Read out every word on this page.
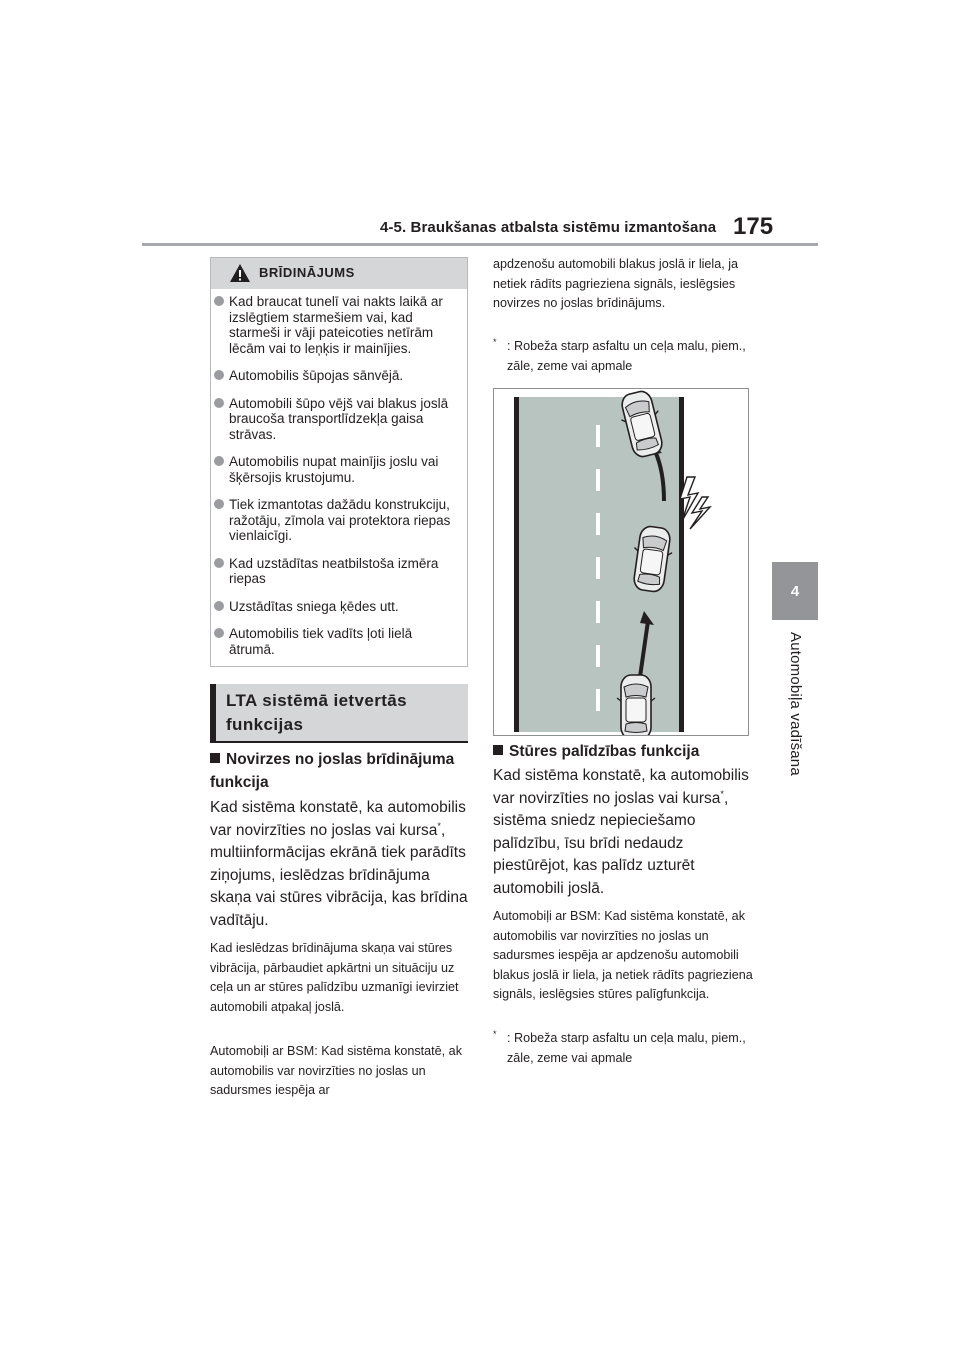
4-5. Braukšanas atbalsta sistēmu izmantošana 175
4
Automobiļa vadīšana
BRĪDINĀJUMS
Kad braucat tunelī vai nakts laikā ar izslēgtiem starmešiem vai, kad starmeši ir vāji pateicoties netīrām lēcām vai to leņķis ir mainījies.
Automobilis šūpojas sānvējā.
Automobili šūpo vējš vai blakus joslā braucoša transportlīdzekļa gaisa strāvas.
Automobilis nupat mainījis joslu vai šķērsojis krustojumu.
Tiek izmantotas dažādu konstrukciju, ražotāju, zīmola vai protektora riepas vienlaicīgi.
Kad uzstādītas neatbilstoša izmēra riepas
Uzstādītas sniega ķēdes utt.
Automobilis tiek vadīts ļoti lielā ātrumā.
LTA sistēmā ietvertās funkcijas
Novirzes no joslas brīdinājuma funkcija
Kad sistēma konstatē, ka automobilis var novirzīties no joslas vai kursa*, multiinformācijas ekrānā tiek parādīts ziņojums, ieslēdzas brīdinājuma skaņa vai stūres vibrācija, kas brīdina vadītāju.
Kad ieslēdzas brīdinājuma skaņa vai stūres vibrācija, pārbaudiet apkārtni un situāciju uz ceļa un ar stūres palīdzību uzmanīgi ievirziet automobili atpakaļ joslā.
Automobiļi ar BSM: Kad sistēma konstatē, ak automobilis var novirzīties no joslas un sadursmes iespēja ar
apdzenošu automobili blakus joslā ir liela, ja netiek rādīts pagrieziena signāls, ieslēgsies novirzes no joslas brīdinājums.
* : Robeža starp asfaltu un ceļa malu, piem., zāle, zeme vai apmale
Stūres palīdzības funkcija
Kad sistēma konstatē, ka automobilis var novirzīties no joslas vai kursa*, sistēma sniedz nepieciešamo palīdzību, īsu brīdi nedaudz piestūrējot, kas palīdz uzturēt automobili joslā.
Automobiļi ar BSM: Kad sistēma konstatē, ak automobilis var novirzīties no joslas un sadursmes iespēja ar apdzenošu automobili blakus joslā ir liela, ja netiek rādīts pagrieziena signāls, ieslēgsies stūres palīgfunkcija.
* : Robeža starp asfaltu un ceļa malu, piem., zāle, zeme vai apmale
